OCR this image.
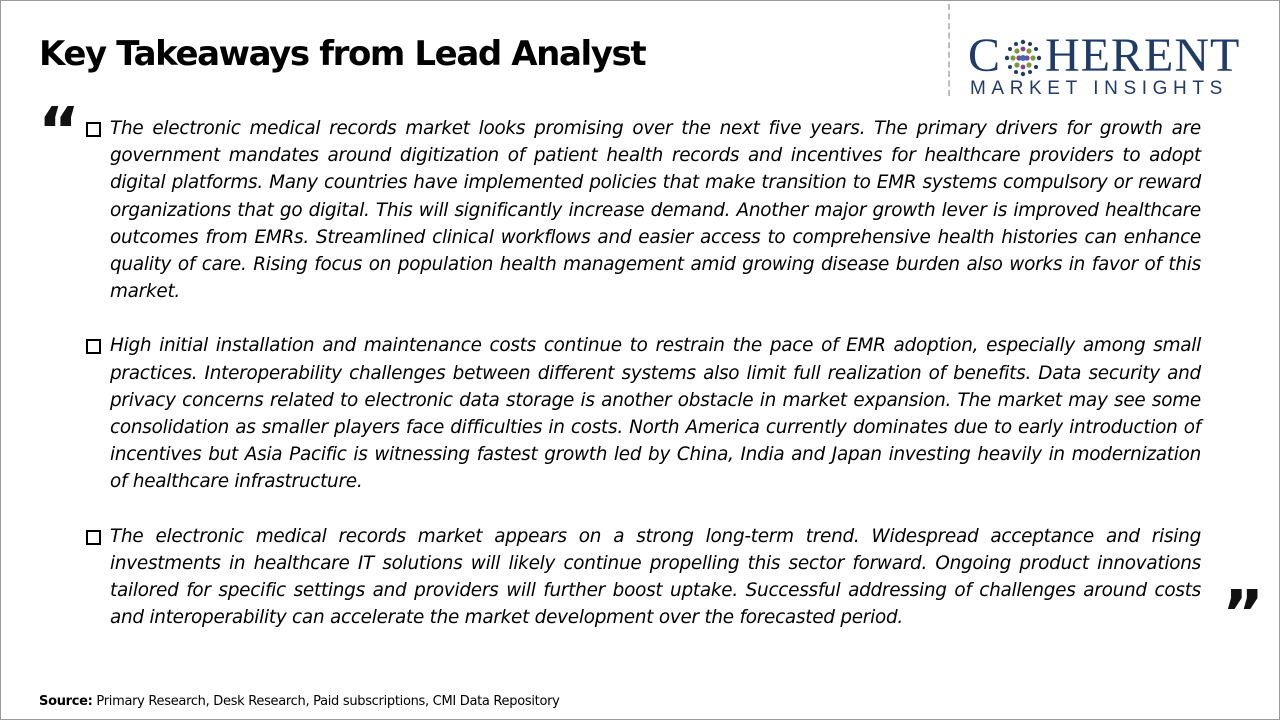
Key Takeaways from Lead Analyst	C HERENT
MARKET INSIGHTS
“
”
The electronic medical records market looks promising over the next five years. The primary drivers for growth are government mandates around digitization of patient health records and incentives for healthcare providers to adopt digital platforms. Many countries have implemented policies that make transition to EMR systems compulsory or reward organizations that go digital. This will significantly increase demand. Another major growth lever is improved healthcare outcomes from EMRs. Streamlined clinical workflows and easier access to comprehensive health histories can enhance quality of care. Rising focus on population health management amid growing disease burden also works in favor of this market.
High initial installation and maintenance costs continue to restrain the pace of EMR adoption, especially among small practices. Interoperability challenges between different systems also limit full realization of benefits. Data security and privacy concerns related to electronic data storage is another obstacle in market expansion. The market may see some consolidation as smaller players face difficulties in costs. North America currently dominates due to early introduction of incentives but Asia Pacific is witnessing fastest growth led by China, India and Japan investing heavily in modernization of healthcare infrastructure.
The electronic medical records market appears on a strong long-term trend. Widespread acceptance and rising investments in healthcare IT solutions will likely continue propelling this sector forward. Ongoing product innovations tailored for specific settings and providers will further boost uptake. Successful addressing of challenges around costs and interoperability can accelerate the market development over the forecasted period.
Source: Primary Research, Desk Research, Paid subscriptions, CMI Data Repository
